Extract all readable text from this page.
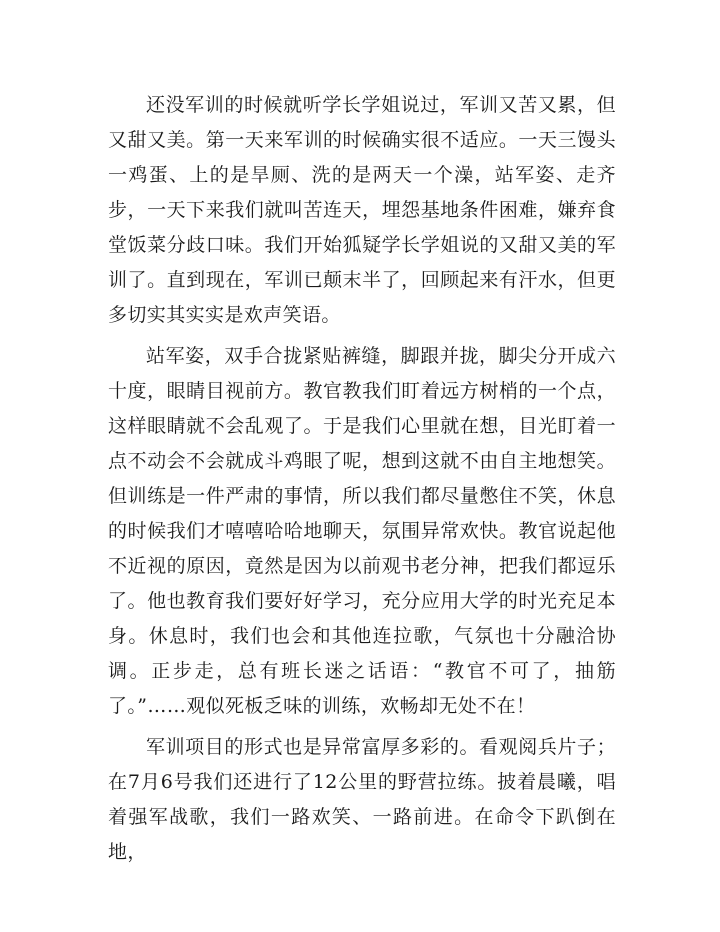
还没军训的时候就听学长学姐说过，军训又苦又累，但又甜又美。第一天来军训的时候确实很不适应。一天三馒头一鸡蛋、上的是旱厕、洗的是两天一个澡，站军姿、走齐步，一天下来我们就叫苦连天，埋怨基地条件困难，嫌弃食堂饭菜分歧口味。我们开始狐疑学长学姐说的又甜又美的军训了。直到现在，军训已颠末半了，回顾起来有汗水，但更多切实其实实是欢声笑语。

站军姿，双手合拢紧贴裤缝，脚跟并拢，脚尖分开成六十度，眼睛目视前方。教官教我们盯着远方树梢的一个点，这样眼睛就不会乱观了。于是我们心里就在想，目光盯着一点不动会不会就成斗鸡眼了呢，想到这就不由自主地想笑。但训练是一件严肃的事情，所以我们都尽量憋住不笑，休息的时候我们才嘻嘻哈哈地聊天，氛围异常欢快。教官说起他不近视的原因，竟然是因为以前观书老分神，把我们都逗乐了。他也教育我们要好好学习，充分应用大学的时光充足本身。休息时，我们也会和其他连拉歌，气氛也十分融洽协调。正步走，总有班长迷之话语：“教官不可了，抽筋了。”……观似死板乏味的训练，欢畅却无处不在！

军训项目的形式也是异常富厚多彩的。看观阅兵片子；在7月6号我们还进行了12公里的野营拉练。披着晨曦，唱着强军战歌，我们一路欢笑、一路前进。在命令下趴倒在地，
